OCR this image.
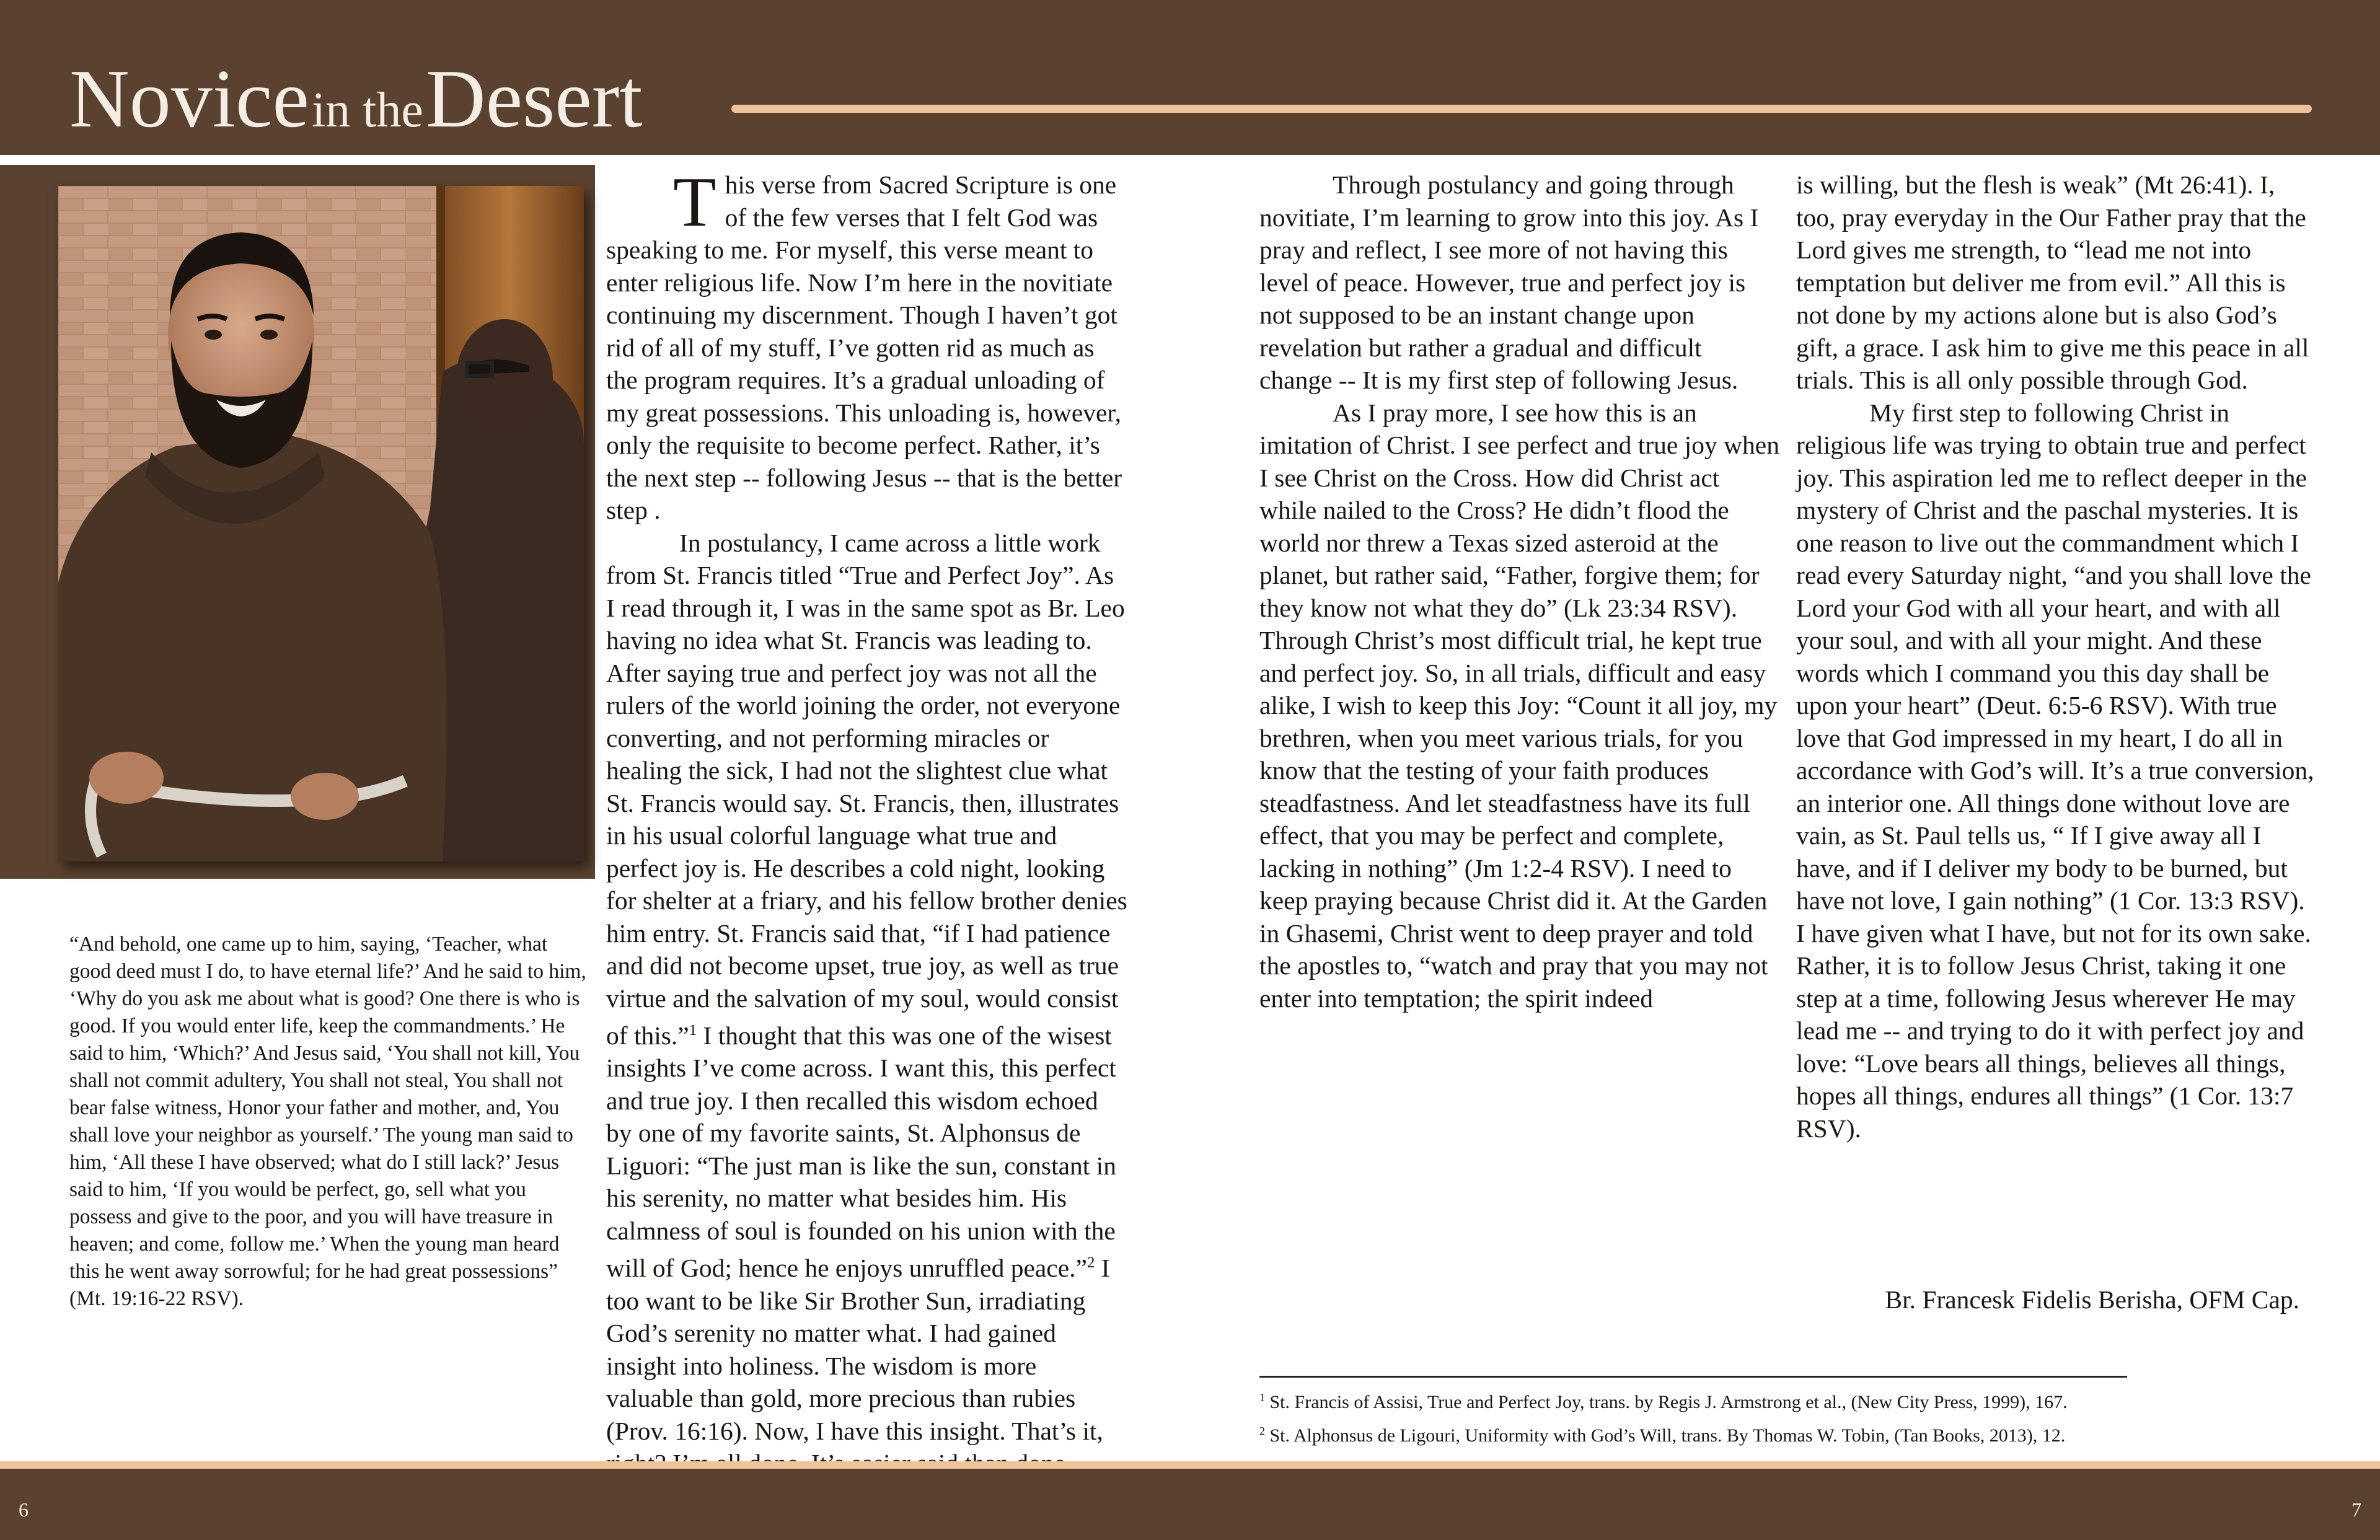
Novice in the Desert
“And behold, one came up to him, saying, ‘Teacher, what good deed must I do, to have eternal life?’ And he said to him, ‘Why do you ask me about what is good? One there is who is good. If you would enter life, keep the commandments.’ He said to him, ‘Which?’ And Jesus said, ‘You shall not kill, You shall not commit adultery, You shall not steal, You shall not bear false witness, Honor your father and mother, and, You shall love your neighbor as yourself.’ The young man said to him, ‘All these I have observed; what do I still lack?’ Jesus said to him, ‘If you would be perfect, go, sell what you possess and give to the poor, and you will have treasure in heaven; and come, follow me.’ When the young man heard this he went away sorrowful; for he had great possessions” (Mt. 19:16-22 RSV).

This verse from Sacred Scripture is one of the few verses that I felt God was speaking to me. For myself, this verse meant to enter religious life. Now I’m here in the novitiate continuing my discernment. Though I haven’t got rid of all of my stuff, I’ve gotten rid as much as the program requires. It’s a gradual unloading of my great possessions. This unloading is, however, only the requisite to become perfect. Rather, it’s the next step -- following Jesus -- that is the better step .

In postulancy, I came across a little work from St. Francis titled “True and Perfect Joy”. As I read through it, I was in the same spot as Br. Leo having no idea what St. Francis was leading to. After saying true and perfect joy was not all the rulers of the world joining the order, not everyone converting, and not performing miracles or healing the sick, I had not the slightest clue what St. Francis would say. St. Francis, then, illustrates in his usual colorful language what true and perfect joy is. He describes a cold night, looking for shelter at a friary, and his fellow brother denies him entry. St. Francis said that, “if I had patience and did not become upset, true joy, as well as true virtue and the salvation of my soul, would consist of this.”$^1$ I thought that this was one of the wisest insights I’ve come across. I want this, this perfect and true joy. I then recalled this wisdom echoed by one of my favorite saints, St. Alphonsus de Liguori: “The just man is like the sun, constant in his serenity, no matter what besides him. His calmness of soul is founded on his union with the will of God; hence he enjoys unruffled peace.”$^2$ I too want to be like Sir Brother Sun, irradiating God’s serenity no matter what. I had gained insight into holiness. The wisdom is more valuable than gold, more precious than rubies (Prov. 16:16). Now, I have this insight. That’s it,

Through postulancy and going through novitiate, I’m learning to grow into this joy. As I pray and reflect, I see more of not having this level of peace. However, true and perfect joy is not supposed to be an instant change upon revelation but rather a gradual and difficult change -- It is my first step of following Jesus.

As I pray more, I see how this is an imitation of Christ. I see perfect and true joy when I see Christ on the Cross. How did Christ act while nailed to the Cross? He didn’t flood the world nor threw a Texas sized asteroid at the planet, but rather said, “Father, forgive them; for they know not what they do” (Lk 23:34 RSV). Through Christ’s most difficult trial, he kept true and perfect joy. So, in all trials, difficult and easy alike, I wish to keep this Joy: “Count it all joy, my brethren, when you meet various trials, for you know that the testing of your faith produces steadfastness. And let steadfastness have its full effect, that you may be perfect and complete, lacking in nothing” (Jm 1:2-4 RSV). I need to keep praying because Christ did it. At the Garden in Ghasemi, Christ went to deep prayer and told the apostles to, “watch and pray that you may not enter into temptation; the spirit indeed

is willing, but the flesh is weak” (Mt 26:41). I, too, pray everyday in the Our Father pray that the Lord gives me strength, to “lead me not into temptation but deliver me from evil.” All this is not done by my actions alone but is also God’s gift, a grace. I ask him to give me this peace in all trials. This is all only possible through God.

My first step to following Christ in religious life was trying to obtain true and perfect joy. This aspiration led me to reflect deeper in the mystery of Christ and the paschal mysteries. It is one reason to live out the commandment which I read every Saturday night, “and you shall love the Lord your God with all your heart, and with all your soul, and with all your might. And these words which I command you this day shall be upon your heart” (Deut. 6:5-6 RSV). With true love that God impressed in my heart, I do all in accordance with God’s will. It’s a true conversion, an interior one. All things done without love are vain, as St. Paul tells us, “ If I give away all I have, and if I deliver my body to be burned, but have not love, I gain nothing” (1 Cor. 13:3 RSV). I have given what I have, but not for its own sake. Rather, it is to follow Jesus Christ, taking it one step at a time, following Jesus wherever He may lead me -- and trying to do it with perfect joy and love: “Love bears all things, believes all things, hopes all things, endures all things” (1 Cor. 13:7 RSV).

Br. Francesk Fidelis Berisha, OFM Cap.
$^1$ St. Francis of Assisi, True and Perfect Joy, trans. by Regis J. Armstrong et al., (New City Press, 1999), 167.
$^2$ St. Alphonsus de Ligouri, Uniformity with God’s Will, trans. By Thomas W. Tobin, (Tan Books, 2013), 12.
6	7
